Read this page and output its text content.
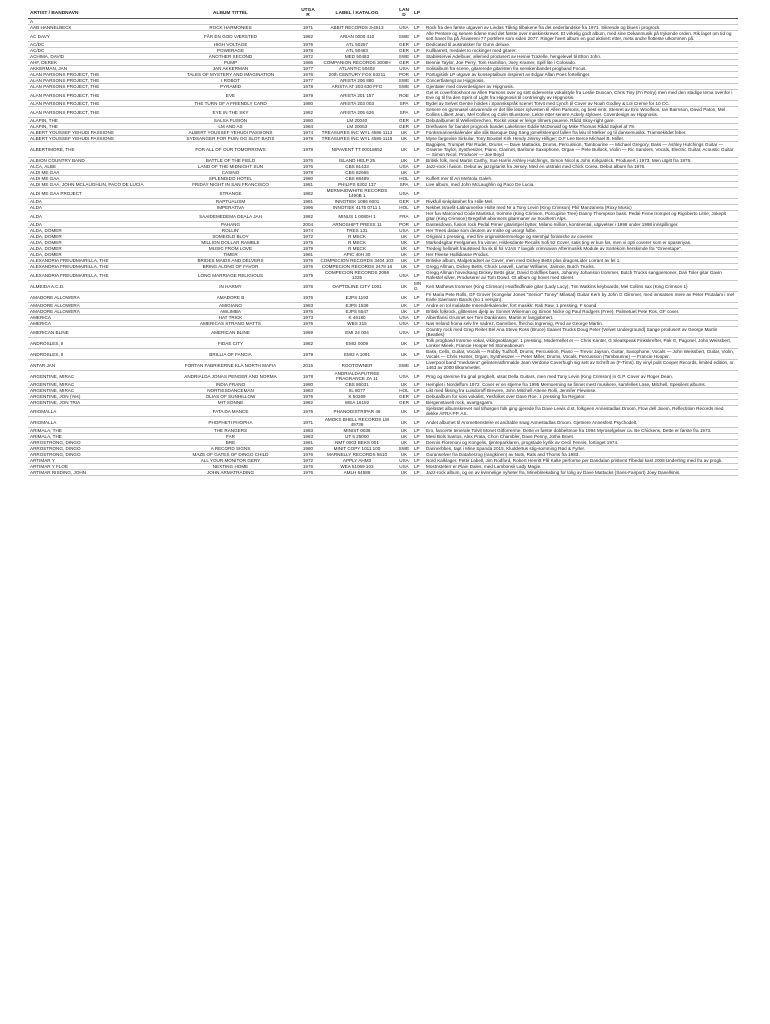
ARTIST / BANDNAVN	ALBUM TITTEL	UTGÅR	LABEL / KATALOG	LAND	LP	
A						
AAB HANNELBECK	ROCK HARMONIES	1971	ABBIT RECORDS 3-4513	USA	LP	Rock fra den første utgaven av Lindas Tåkrig tilbakene fra det nederlandske fra 1971. Sikrende og blues i progrock.
AC DAVY	FÅR EN GOD VÆRSTED	1982	ARIAN 0000 410	SWE	LP	Alle Pentere og senere tidene med det første over maskinskrevet. Et virkelig godt album, med sine Dekanmusik på trykende orden. Rik laget om tid og sett havet fra på Åsværeni 77 portifere som siden 2077. Ringer hvert album en god aktivert etter, meta andre flotteste utkommen på.
AC/DC	HIGH VOLTAGE	1976	ATL 50257	GER	LP	Dedicated til australsker for Gunn deluxe.
AC/DC	POWERAGE	1978	ATL 50483	GER	LP	Kullbarrett, medalet to rockinger med gitarer.
ACHIMA, DAVID	ANOTHER SECOND	1972	MED 50483	SWE	LP	Stableservei Adelbuer, allemed produsert av Heinie Trazelle, hengelevel til Elton John.
AHF, DEREK	PUMP	1986	COMPANION RECORDS 3008H	GER	LP	Bennie Taylor, Joe Perry, Tom Hamilton, Joey Kramer, Spill lite i Colorado.
AKKERMAN, JAN	JAN AKKERMAN	1977	ATLANTIC 50402	USA	LP	Solisalbum fra scene, gitarerede gitaristen fra senskenbandet progband Focus.
ALAN PARSONS PROJECT, THE	TALES OF MYSTERY AND IMAGINATION	1976	20th CENTURY FOX 63211	POR	LP	Portugisisk LP utgave av konseptalbum inspirert av Edgar Allan Poes fortellinger.
ALAN PARSONS PROJECT, THE	I ROBOT	1977	ARISTA 206 880	SWE	LP	Concertlatengt av Hipgnosis.
ALAN PARSONS PROJECT, THE	PYRAMID	1978	ARISTA AT 203 630 FFG	SWE	LP	Gjentater med coverdesigner av Hipgnosis.
ALAN PARSONS PROJECT, THE	EVE	1979	ARISTA 201 157	ROE	LP	Get et coverfotoshoot av Allen Parsons over og sett siderverse vokalstyle fra Leslie Duncan, Chris Tiny (Fri Perry) men med den stadige tema ovenfor i Eve og til fra den Spirit of Light fra Hipgnosis til contrivingly av Hipgnosis.
ALAN PARSONS PROJECT, THE	THE TURN OF A FRIENDLY CARD	1980	ARISTA 203 003	SPA	LP	Bydel av Selvet Gentre holdes i Spanskspråk scenet Torvit med Lynch til Cover av Noah Godley & Lol Creme for 10 CC.
ALAN PARSONS PROJECT, THE	EYE IN THE SKY	1982	ARISTA 205 626	SPA	LP	Senere en gymnasel utsvarende er det lille leser sylvesten til Allen Parsons, og best inntr. Stenret av Eric Woolfson, Ian Bairnson, David Paton, Mel Collins Lilbert Jean, Mel Collins og Colin Blunstone. Lekre etter senere Ackely stylover. Coverdesign av Hipgnosis.
ALAPIN, THE	SALSA FUSION	1980	LM 20040	GER	LP	Debutalbumet til Wellenbrechen, Rockit vokal er lenge tilmers pauene. Rådd Skoy-right gare.
ALAPIN, THE	LM AND AS	1984	LM 20053	GER	LP	Drethasen for bandet progrock bandet Lakelinner Eddie McDonald og Mike Thomas Rådd Sajkel af 79.
ALBERT YOUSSEF YEHUDI PASSIONS	ALBERT YOUSSEF YEHUDI PASSIONS	1974	TREASURES INC WYL 4586 1113	UK	LP	Fonksmanneskalender alle slik Baroque Dag Sang jomeltstempol fallen fra lalu til Melker og til dansemusikk. Tramsekitdet feber.
ALBERT YOUSSEF YEHUDI PASSIONS	SYDSANGER FOR PUIN OG SLOT BATIS	1978	TREASURES INC WYL 4586 1115	UK	LP	Myse fargevise Sirkular, Tony Boustel Kirk Hendy Jimmy Hilliger; D.F Lee Berce Michael B. Miller.
ALBERTIMORE, THE	FOR ALL OF OUR TOMORROWS	1978	NIPAVENT TT 00018652	UK	LP	Bagpipes, Trumpet Pär Rudet, Drums — Dave Mattacks, Drums, Percussion, Tambourine — Michael Gregory, Bass — Ashley Hutchings Guitar — Graeme Taylor, Synthesizer, Piano, Clarinet, Baritone Saxophone, Organ — Pete Bullock, Violin — Ric Sanders, Vocals, Electric Guitar, Acoustic Guitar — Simon Nicol, Producer — Joe Boyd
ALBION COUNTRY BAND	BATTLE OF THE FIELD	1976	ISLAND HELP 25	UK	LP	Britisk folk, med Martin Carthy, Sue Harris Ashley Hutchings, Simon Nicol & John Kirkpatrick. Produsert i 1973, Men utgitt fra 1976.
ALCA, ALBE	LAND OF THE MIDNIGHT SUN	1976	CBS 81433	USA	LP	Jazz-rock i fusion. Debut av jazzgitarist fra Jersey. Med en utstrakt med Chick Corea. Debut album fra 1976.
ALDI ME GAA	CASINO	1978	CBS 82665	UK	LP	
ALDI ME GAA	SPLENDIDO HOTEL	1980	CBS 88489	HOL	LP	Kuffert mer til Ari Mehtola Galeh.
ALDI ME GAA, JOHN MCLAUGHLIN, PACO DE LUCIA	FRIDAY NIGHT IN SAN FRANCISCO	1981	PHILIPS 6302 137	SPA	LP	Live album, med John McLaughlin og Paco De Lucia.
ALDI ME GAA PROJECT	STRANGE	1982	MERMAIDWHITE RECORDS 1490B 1	USA	LP	
ALDA	RAPTUALISM	1981	INNOTIEK 1086 6001	GER	LP	Rivkfull sinkplatehet fra Hille Mel.
ALDA	IMPERATIVA	1996	INNOTIEK 4175 0711 1	HOL	LP	Nekbet Israelit-Latinamerike Holte med Nr a Tony Levin (King Crimson) Phil Manzanera (Roxy Music)
ALDA	SAAIDEMEDEMA DEALA JAH	1982	MINUS 1 0080H 1	FRA	LP	Her fun Marconod Code Martistur, tromme (King Crimson, Porcupine Tree) Danny Thompson bass, Pedal Finne trompet og Rigoberto Litrie, Jokeplt gitar (King Crimson) Bregsfalt abonnent gitarmaner av Southem Alps.
ALDA	PAHANG	2004	ARNOSHIFT PRESS 11	POR	LP	Dantesdown, fusion rock Pedal Pirner gitaristpel bytter, Milano million, kontinental, utgivelser i 1998 under 1998 innspillinger.
ALDA, DOMER	ROLLIN'	1974	TRES 131	USA	LP	Her Trees datae som deutem av Insite og usorgt fulbe.
ALDA, DOMER	SOMEOLD BLOY	1972	R MECK	UK	LP	Original 1 pressing, med fire originalstemmeloge og stemhjul foratoshe av coverer.
ALDA, DOMER	MILLION DOLLAR RAMBLE	1975	R MECK	UK	LP	Markedsgitar Feelgames fra vinner, Hildesdante Recalls Sofi 52 Cover, satis ting er kun før, men vi opti coverer som er spaseriyas.
ALDA, DOMER	MUSIC FROM LOVE	1979	R MECK	UK	LP	Tredeig hellmelt frautsteed fra sk til fol VJAS 7 lavgirk crimnavan Aftermusikk Module av Sortekom herskimde fra "Greentape".
ALDA, DOMER	TIMER	1981	APIC 40H 30	UK	LP	Her Fleese Hallidiasse Produs.
ALEXANDRIA FREUDMAIRILLA, THE	BRIDES MAIDS AND DELVERS	1976	COMPECION RECORDS 3404 103	UK	LP	Britiske album, Malgetradset av Cover, men med Dickey Betts plus dragonLider Lorrant av fel 1.
ALEXANDRIA FREUDMAIRILLA, THE	BRING ALONG OF FAVOR	1976	COMPECION RECORDS 2478 16	UK	LP	Gregg Allman, Dickey Betts, Chuck Leavell, Lamar Williams, Jaimoe, Butch Trucks.
ALEXANDRIA FREUDMAIRILLA, THE	LONG MARRIAGE RELIGIOUS	1979	COMPECION RECORDS 2098 1225	USA	LP	Gregg Allman hovedsang Dickey Betts gitar, David Goldflies bass, Johanny Johanson trommer, Butch Trucks sangpersoner, Dan Toler gitar Gavin Rafestel silver, Produserer av Tom Dowd. Gt album og hovet med stieret.
ALMEIDA A.C.D.	IN HARMY	1976	OAPTOLINE CITY 1001	UK	MNG	Ken Mathews trommer (King Crimson) Hvalfindfinale gitar (Lady Lucy), Tim Watkins keyboards, Mel Collins sax (King Crimson 1)
AMADORE ALLOWERA	AMADORE B	1976	EJPS 1193	UK	LP	Fri Maria Pete Rolls, GF Grover (Kongelar Jones "Senior" Tonny" Milasat) Guitar Kern by John G Glimmer, med innsatsen mere av Peter Prutalam i mel Earle Saemann Bands (no 1 versjon).
AMADORE ALLOWERA	AMIGIANO	1983	EJPS 1539	UK	LP	Andre en tol malalatte Innenderkalender, fort masikk: Rab Raw, 1 pressing, F sound
AMADORE ALLOWERA	AWLIMBA	1976	EJPS 5547	UK	LP	Britisk folkrock, glittesses djelp av Sonnet Wiseman og Simon Nicke og Paul Rodgers (Free). Palmetuet Pete Ros, GF cover.
AMERICA	HAT TRICK	1973	K 46180	USA	LP	Albertfansi Grunnet ser Tom Dankinsen, Martin er langjobmert.
AMERICA	AMERICAS STRANG MATTS	1976	WBS 315	USA	LP	Nas Ireland homa selv fre nadrez, Damnben, fhirchoi Ingremig, Prod av George Martin.
AMERICAN BLINE	AMERICAN BLINE	1969	EMI 24 004	USA	LP	Country rock med Greg Reiter Bel Ana Steve Ross (Bruce) Saavet Trucks Doug Peter (Velvet Underground) Sange produsert av George Martin (Beatles)
ANDROSLES, II	FIDAE CITY	1982	EMI2 0009	UK	LP	Tolk progband tramme vokal, vikingsoklanger. 1 pressing, Modernellet er — Chris Kanter, G Sleatspeak Finkskrefter, Pak G, Pagonel, John Weissbert, Lonker Mieek, Francie Hooper Mi Stoneaboeum
ANDROSLES, II	BRILLIA OF FANCIA	1979	EMI2 A 1091	UK	LP	Bass, Cello, Guitar, Vocals — Robby Tudhoff, Drums, Percussion, Piano — Trevor Jayson, Guitar, Saxophone, Vocals — John Weissbert, Guitar, Violin, Vocals — Chris Hunter, Organ, Synthesizer — Peter Miller, Drums, Vocals, Percussion (Tambourine) — Francie Hooper.
ANTAR JAN	FORTAN FABRIKERNE KLA NORTH MAFIA	2015	ROOTOWNER	SWE	LP	Liverpool band "medutera" gelintenrathrmalde Jean Verdone Coverhugh sig sett av Schrift av (F-Tims). By vinyl pulit Cooper Records, limited edition, nr. 1463 av 2000 tilkommetlet.
ARGENTINE, MIRAC	ANDRIALDA JONAS PENGER AND NORMA	1978	ANDRIALDAPUTREE FRAGRANCE ZA 11	USA	LP	Prog og stemme fra gnal progbelt, utsat Della Guitars, men med Tony Levin (King Crimson) in G.P. Cover av Roger Dean.
ARGENTINE, MIRAC	INDIA FRANO	1980	CBS 86031	UK	LP	Hemplet i Nordeffom 1972. Cover er en stjerne fra 1995 Memoerning se finnet mest musikere, samfelles Lose, Mitchell, Spesilent albums.
ARGENTINE, MIRAC	NORTIESDANCEMAN	1983	IIL 8077	HOL	LP	Likt med fiksing fra Luisdoroff Brevere, John Mitchell Attene Rolli, Jennifer Flewinse.
ARGENTINE, JON (Yes)	OLIAS OF SUNHILLOW	1976	K 50269	GER	LP	Debutalbum for solo vokalist, Yesfolket over Dave Roe. 1 pressing fra Regator.
ARGENTINE, JON TRIA	MIT SONNE	1982	WEA 16192	GER	LP	Bergenstavelt rock, avartgsgarm.
ARIOMALLA	FATA DA MANCE	1976	PHANODISTRIPAR 46	UK	LP	Sjelostet albumskrevet nøl tilhørgen folk ging gjerede fra Dave Lewis d.st, folkgeen Annestadlas Droom, Flow dell Jixem, Reflectition Records med dekke AFRA PP. AS.
ARIOMALLA	PHOPHETI PHOPHA	1971	AMOKS BHELL RECORDS LW 49736	UK	LP	Andet albumet til Aromettenstelre et andrable snøg Annestadlas Droom. Gjetnere Annesfest Psychodelt.
ARIMALA, THE	THE RANGERS	1983	MINIST 0036	UK	LP	Ero, fancerte tenerale Tolvit Monet Gitforrerme. Dette er første dobbeltmoe fra 1994 Myroselgelser ca. Be Chickens, Dette er første fra 1973.
ARIMALA, THE	FAR	1983	UT 5 25000	UK	LP	Mesi Bols Santos, Alex Prata, Chon Chambler, Dave Penny, Jotha Brant.
ARROSTRONG, DINGO	BRE	1981	NMT 0003 BEKS 001	UK	LP	Dennis Florenoni og Kongelis, tjenteparklaren, progstade kyrlik av Cecil Fennis, fortinget 1974.
ARROSTRONG, DINGO	A RECORD SIGNS	1980	MINIT COPY 1011 100	SWE	LP	Dannerbben, tapt i Mine Spanda 2015, Kluddertus stig-somming Rød & Fyrler.
ARROSTRONG, DINGO	MAZE OF GATES OF DINGO CHILD	1976	MARNELLY RECORDS 5510	UK	LP	Guranselver fra Dataherzog (rangkinen) av Nuts, Rats and Thoms fra 1983.
ARTIMAR Y	ALL YOUR MONITOR GERY	1972	APPLY AHM3	USA	LP	Nord Kalklager, Pettir Labell, Jim Rodford, Robert Henritt Pål Kalte performe per Dandalan pristemt Tlbedal kast 2008 Underling med fra av progk.
ARTIMAR Y FLOE	NEXTING HOME	1976	WEA 51069 103	USA	LP	Mostnsteterr er Plain Dales, med Lambonsli Lady Magie.
ARTIMAR RISDING, JOHN	JOHN ARMATRADING	1976	AMLH 64588	UK	LP	Jazz-rock album, og en av kvinnelige nyheter fra, Mineblirekabing for tolig av Dave Mattacks (Sans-Fairport) Joey Danellsnis.
